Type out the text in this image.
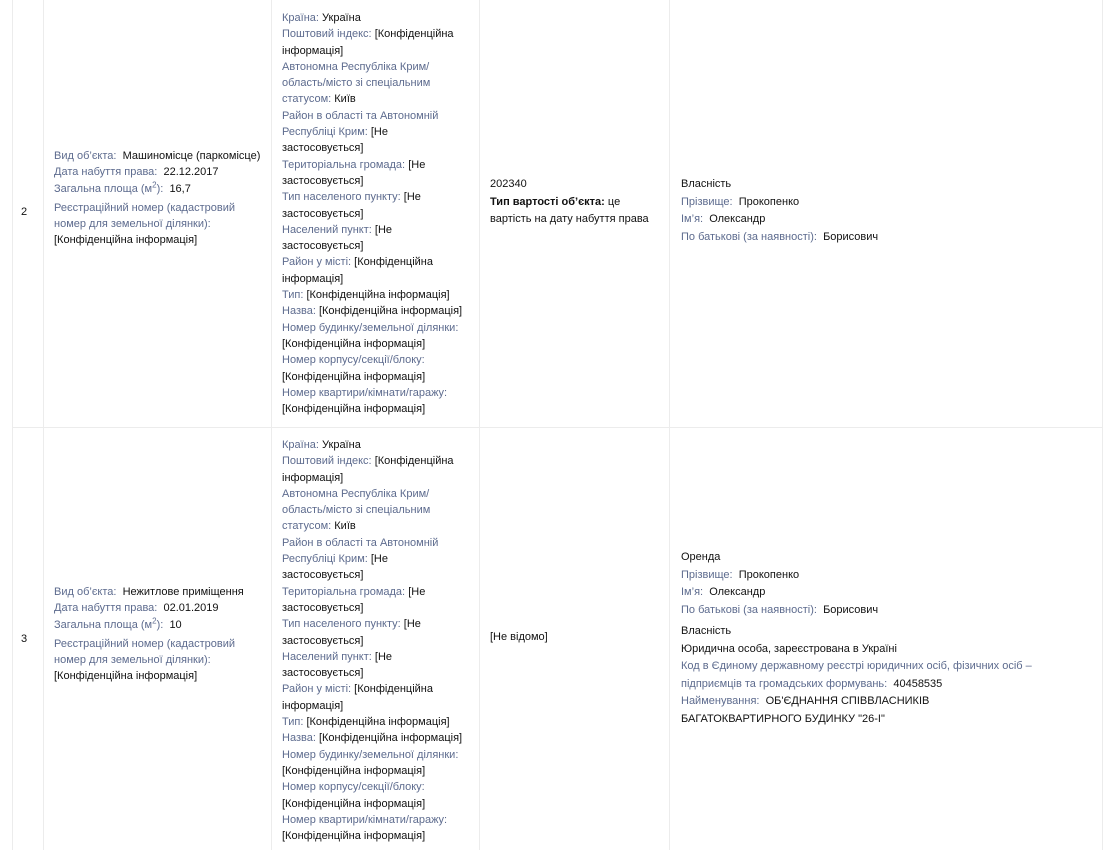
2
Вид об’єкта: Машиномісце (паркомісце)
Дата набуття права: 22.12.2017
Загальна площа $(м^2)$: 16,7
Реєстраційний номер (кадастровий номер для земельної ділянки):
[Конфіденційна інформація]
Країна: Україна
Поштовий індекс: [Конфіденційна інформація]
Автономна Республіка Крим/ область/місто зі спеціальним статусом: Київ
Район в області та Автономній Республіці Крим: [Не застосовується]
Територіальна громада: [Не застосовується]
Тип населеного пункту: [Не застосовується]
Населений пункт: [Не застосовується]
Район у місті: [Конфіденційна інформація]
Тип: [Конфіденційна інформація]
Назва: [Конфіденційна інформація]
Номер будинку/земельної ділянки: [Конфіденційна інформація]
Номер корпусу/секції/блоку: [Конфіденційна інформація]
Номер квартири/кімнати/гаражу: [Конфіденційна інформація]
202340
Тип вартості об’єкта: це вартість на дату набуття права
Власність
Прізвище: Прокопенко
Ім’я: Олександр
По батькові (за наявності): Борисович
3
Вид об’єкта: Нежитлове приміщення
Дата набуття права: 02.01.2019
Загальна площа $(м^2)$: 10
Реєстраційний номер (кадастровий номер для земельної ділянки):
[Конфіденційна інформація]
Країна: Україна
Поштовий індекс: [Конфіденційна інформація]
Автономна Республіка Крим/ область/місто зі спеціальним статусом: Київ
Район в області та Автономній Республіці Крим: [Не застосовується]
Територіальна громада: [Не застосовується]
Тип населеного пункту: [Не застосовується]
Населений пункт: [Не застосовується]
Район у місті: [Конфіденційна інформація]
Тип: [Конфіденційна інформація]
Назва: [Конфіденційна інформація]
Номер будинку/земельної ділянки: [Конфіденційна інформація]
Номер корпусу/секції/блоку: [Конфіденційна інформація]
Номер квартири/кімнати/гаражу: [Конфіденційна інформація]
[Не відомо]
Оренда
Прізвище: Прокопенко
Ім’я: Олександр
По батькові (за наявності): Борисович
Власність
Юридична особа, зареєстрована в Україні
Код в Єдиному державному реєстрі юридичних осіб, фізичних осіб – підприємців та громадських формувань: 40458535
Найменування: ОБ'ЄДНАННЯ СПІВВЛАСНИКІВ БАГАТОКВАРТИРНОГО БУДИНКУ "26-І"
